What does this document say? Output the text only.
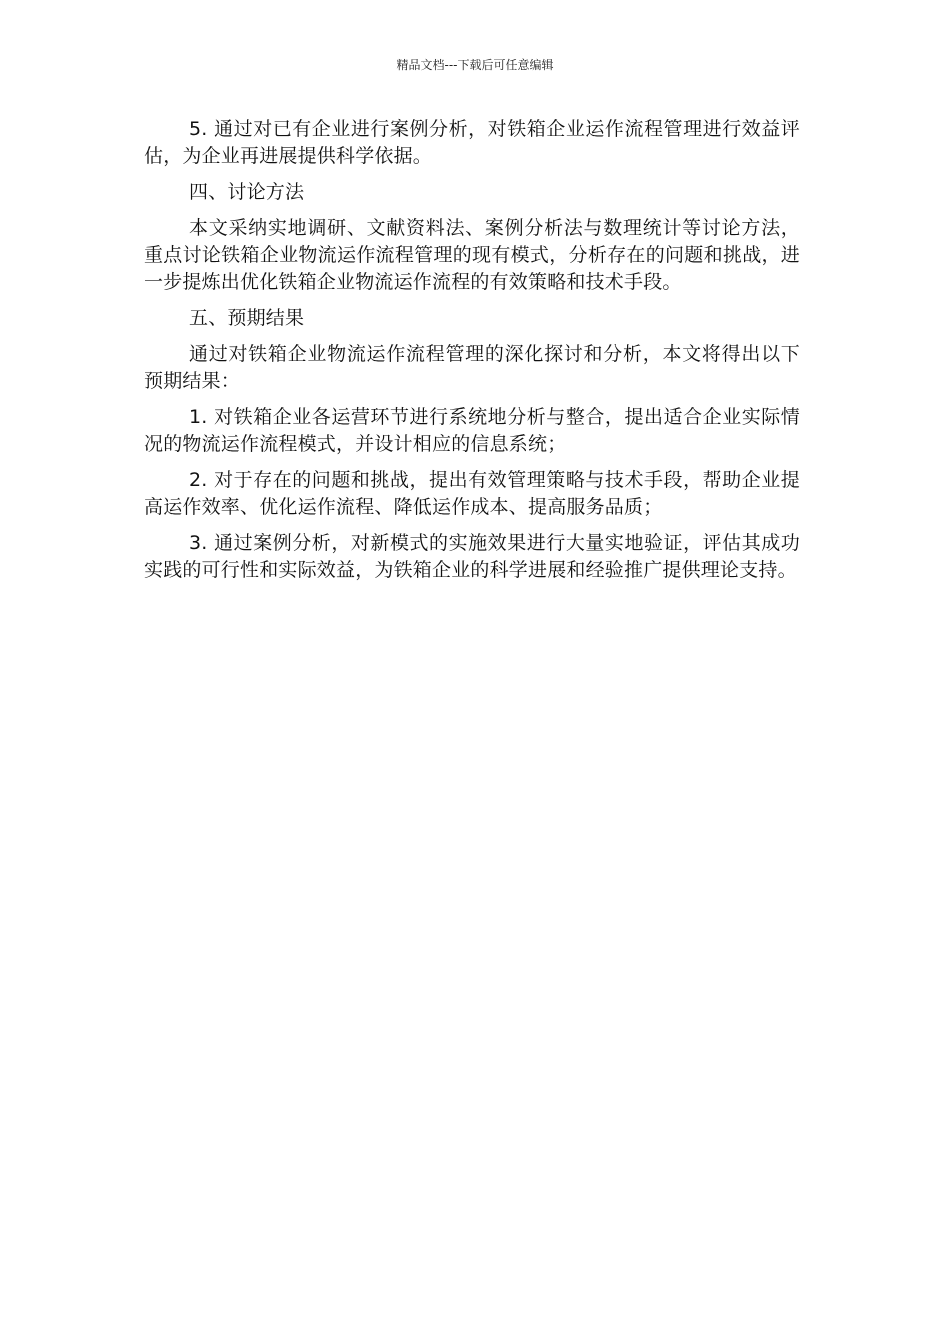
精品文档---下载后可任意编辑

5. 通过对已有企业进行案例分析，对铁箱企业运作流程管理进行效益评估，为企业再进展提供科学依据。

四、讨论方法

本文采纳实地调研、文献资料法、案例分析法与数理统计等讨论方法，重点讨论铁箱企业物流运作流程管理的现有模式，分析存在的问题和挑战，进一步提炼出优化铁箱企业物流运作流程的有效策略和技术手段。

五、预期结果

通过对铁箱企业物流运作流程管理的深化探讨和分析，本文将得出以下预期结果：

1. 对铁箱企业各运营环节进行系统地分析与整合，提出适合企业实际情况的物流运作流程模式，并设计相应的信息系统；

2. 对于存在的问题和挑战，提出有效管理策略与技术手段，帮助企业提高运作效率、优化运作流程、降低运作成本、提高服务品质；

3. 通过案例分析，对新模式的实施效果进行大量实地验证，评估其成功实践的可行性和实际效益，为铁箱企业的科学进展和经验推广提供理论支持。
